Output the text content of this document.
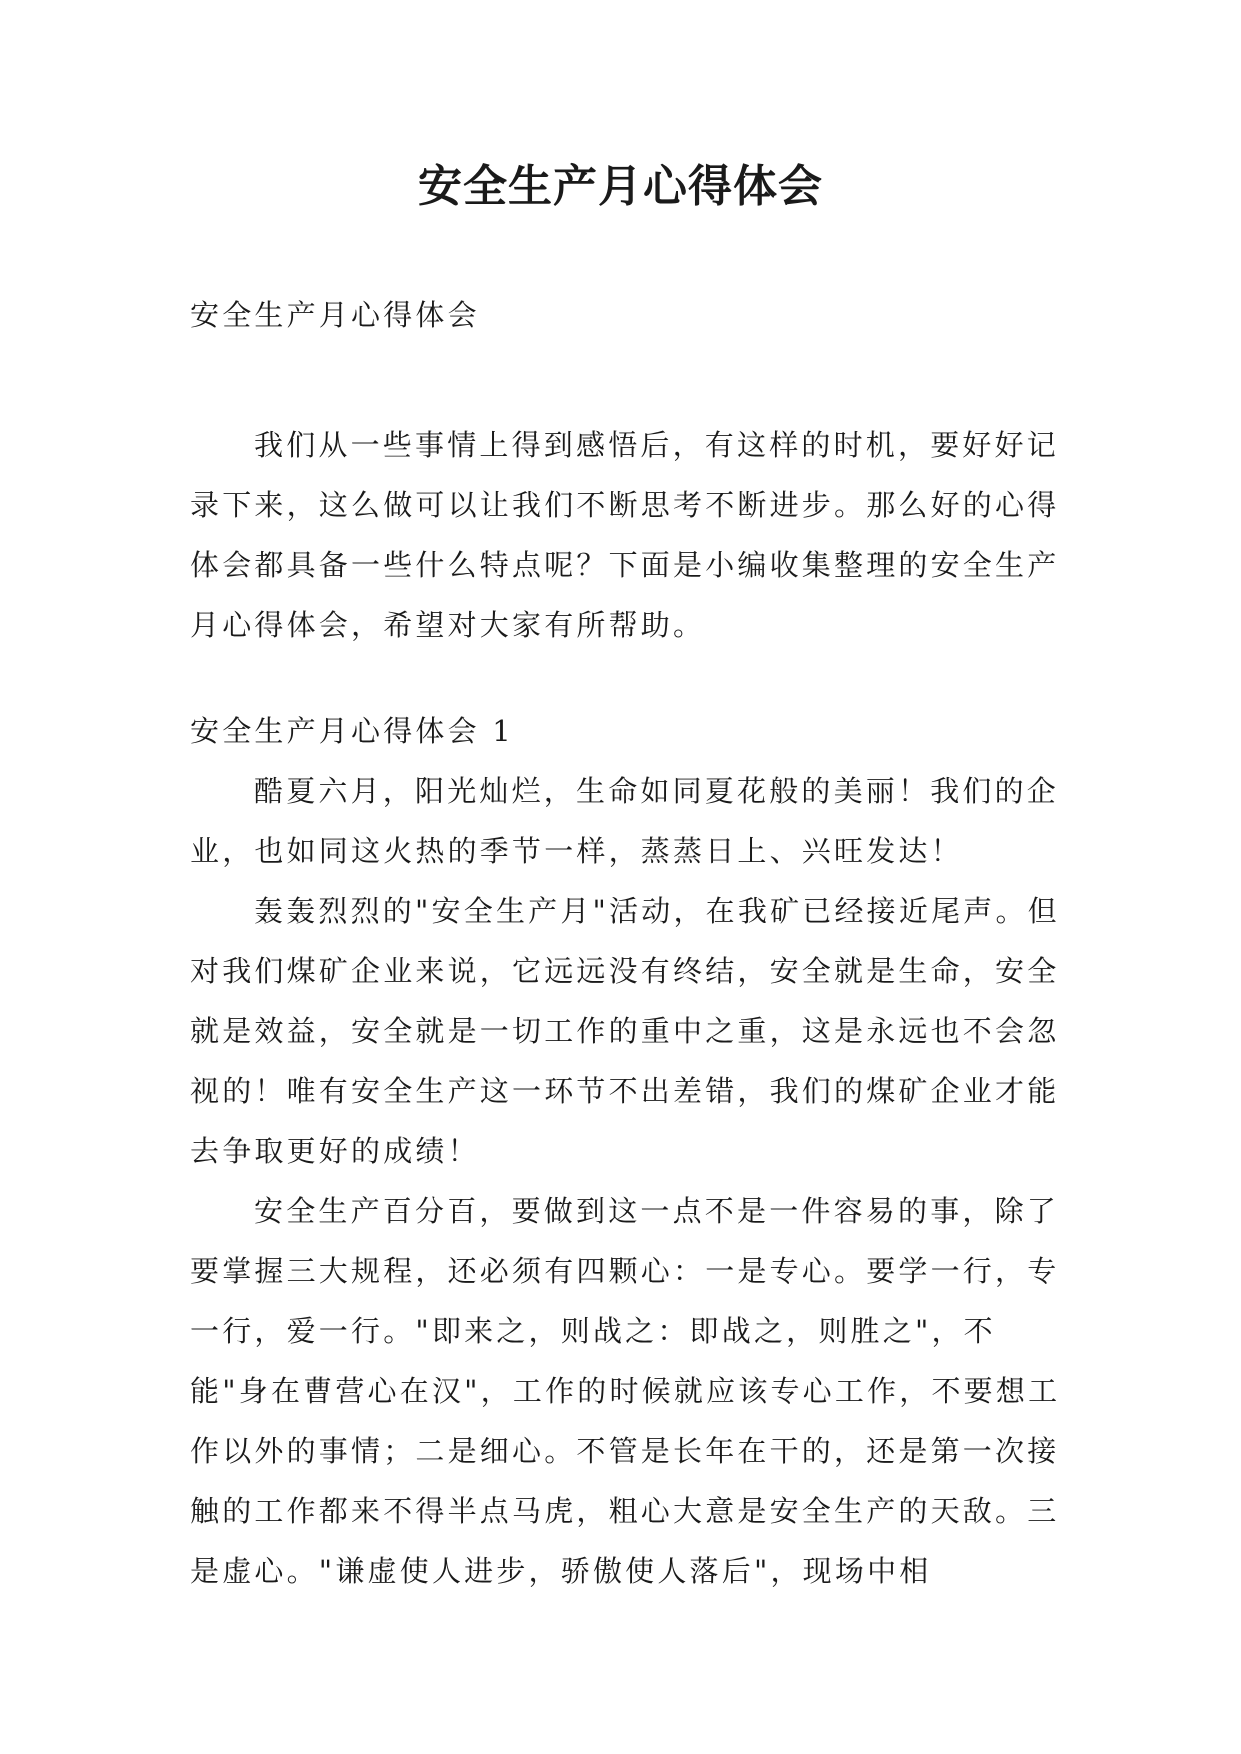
安全生产月心得体会

安全生产月心得体会

我们从一些事情上得到感悟后，有这样的时机，要好好记录下来，这么做可以让我们不断思考不断进步。那么好的心得体会都具备一些什么特点呢？下面是小编收集整理的安全生产月心得体会，希望对大家有所帮助。

安全生产月心得体会 1

酷夏六月，阳光灿烂，生命如同夏花般的美丽！我们的企业，也如同这火热的季节一样，蒸蒸日上、兴旺发达！

轰轰烈烈的"安全生产月"活动，在我矿已经接近尾声。但对我们煤矿企业来说，它远远没有终结，安全就是生命，安全就是效益，安全就是一切工作的重中之重，这是永远也不会忽视的！唯有安全生产这一环节不出差错，我们的煤矿企业才能去争取更好的成绩！

安全生产百分百，要做到这一点不是一件容易的事，除了要掌握三大规程，还必须有四颗心：一是专心。要学一行，专一行，爱一行。"即来之，则战之：即战之，则胜之"，不能"身在曹营心在汉"，工作的时候就应该专心工作，不要想工作以外的事情；二是细心。不管是长年在干的，还是第一次接触的工作都来不得半点马虎，粗心大意是安全生产的天敌。三是虚心。"谦虚使人进步，骄傲使人落后"，现场中相
